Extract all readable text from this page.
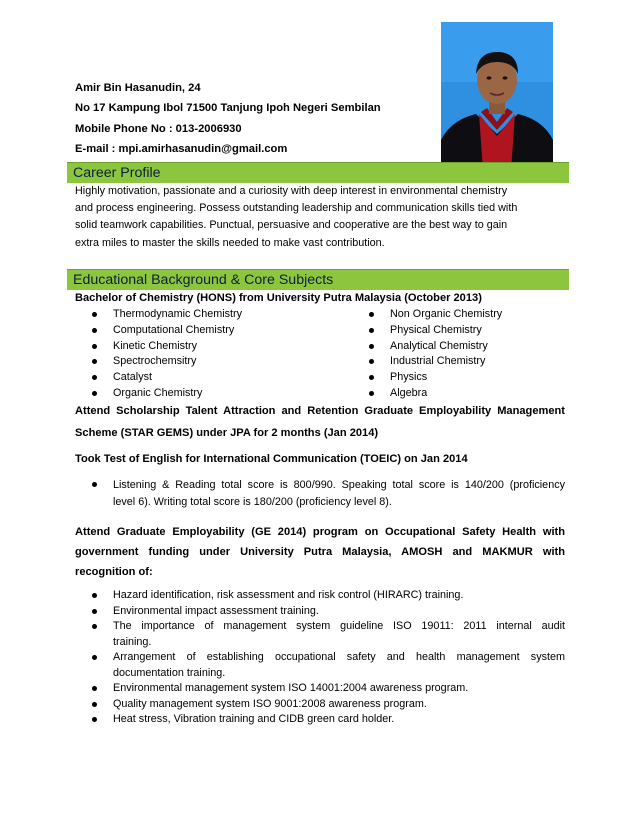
Amir Bin Hasanudin, 24
No 17 Kampung Ibol 71500 Tanjung Ipoh Negeri Sembilan
Mobile Phone No : 013-2006930
E-mail : mpi.amirhasanudin@gmail.com
Career Profile
Highly motivation, passionate and a curiosity with deep interest in environmental chemistry
and process engineering. Possess outstanding leadership and communication skills tied with
solid teamwork capabilities. Punctual, persuasive and cooperative are the best way to gain
extra miles to master the skills needed to make vast contribution.
Educational Background & Core Subjects
Bachelor of Chemistry (HONS) from University Putra Malaysia (October 2013)
Thermodynamic Chemistry
Computational Chemistry
Kinetic Chemistry
Spectrochemsitry
Catalyst
Organic Chemistry
Non Organic Chemistry
Physical Chemistry
Analytical Chemistry
Industrial Chemistry
Physics
Algebra
Attend Scholarship Talent Attraction and Retention Graduate Employability Management
Scheme (STAR GEMS) under JPA for 2 months (Jan 2014)
Took Test of English for International Communication (TOEIC) on Jan 2014
Listening & Reading total score is 800/990. Speaking total score is 140/200 (proficiency
level 6). Writing total score is 180/200 (proficiency level 8).
Attend Graduate Employability (GE 2014) program on Occupational Safety Health with
government funding under University Putra Malaysia, AMOSH and MAKMUR with
recognition of:
Hazard identification, risk assessment and risk control (HIRARC) training.
Environmental impact assessment training.
The importance of management system guideline ISO 19011: 2011 internal audit
training.
Arrangement of establishing occupational safety and health management system
documentation training.
Environmental management system ISO 14001:2004 awareness program.
Quality management system ISO 9001:2008 awareness program.
Heat stress, Vibration training and CIDB green card holder.
